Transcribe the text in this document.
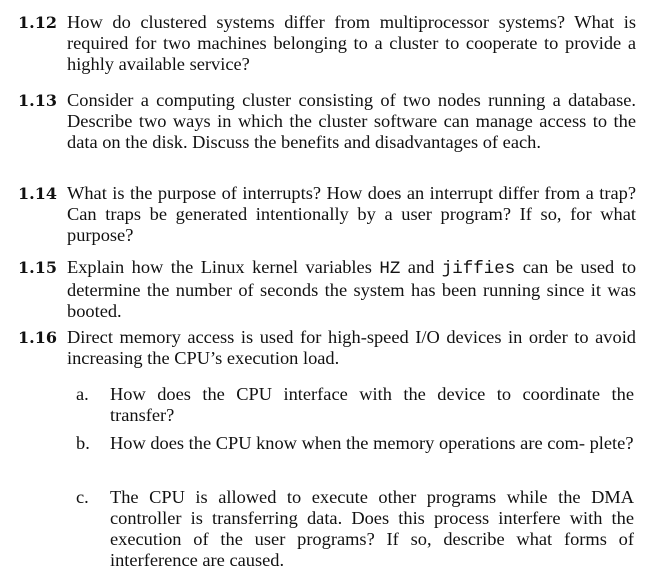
1.12 How do clustered systems differ from multiprocessor systems? What is required for two machines belonging to a cluster to cooperate to provide a highly available service?
1.13 Consider a computing cluster consisting of two nodes running a database. Describe two ways in which the cluster software can manage access to the data on the disk. Discuss the benefits and disadvantages of each.
1.14 What is the purpose of interrupts? How does an interrupt differ from a trap? Can traps be generated intentionally by a user program? If so, for what purpose?
1.15 Explain how the Linux kernel variables HZ and jiffies can be used to determine the number of seconds the system has been running since it was booted.
1.16 Direct memory access is used for high-speed I/O devices in order to avoid increasing the CPU’s execution load.
a.	How does the CPU interface with the device to coordinate the transfer?
b.	How does the CPU know when the memory operations are com- plete?
c.	The CPU is allowed to execute other programs while the DMA controller is transferring data. Does this process interfere with the execution of the user programs? If so, describe what forms of interference are caused.
